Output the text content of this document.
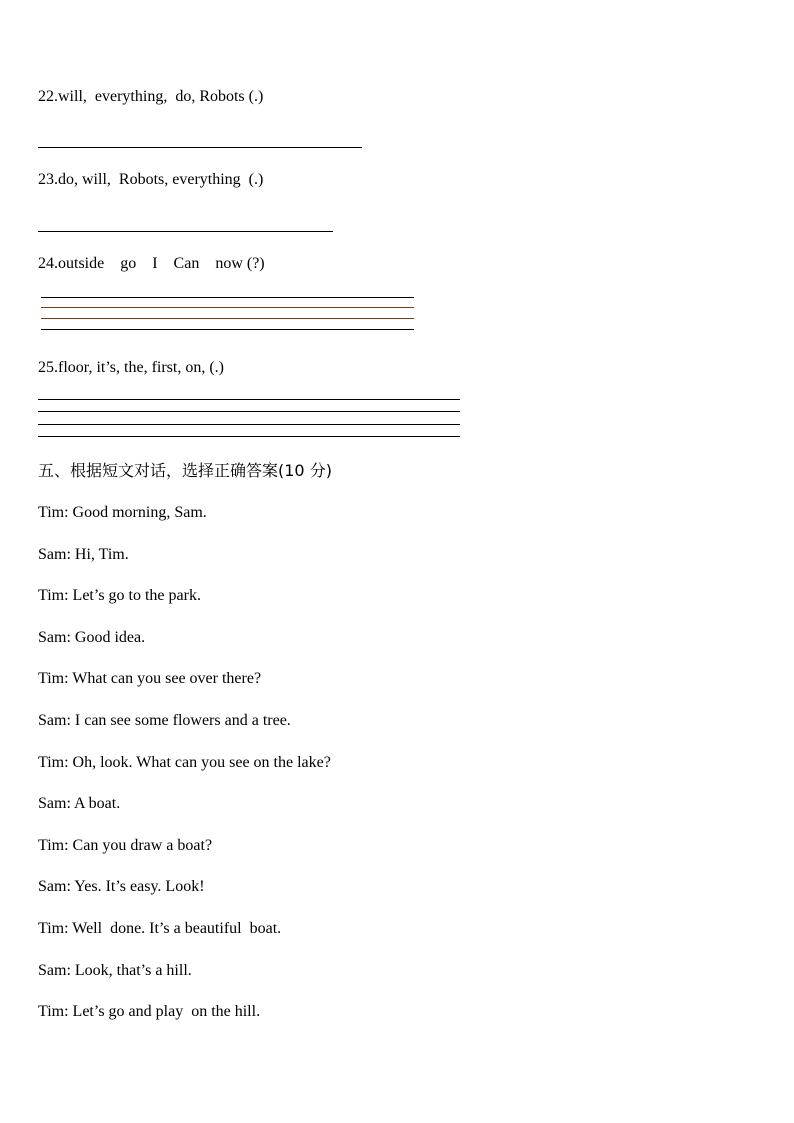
22.will,  everything,  do, Robots (.)
23.do, will,  Robots, everything  (.)
24.outside    go    I    Can    now (?)
25.floor, it’s, the, first, on, (.)
五、根据短文对话，选择正确答案(10 分)
Tim: Good morning, Sam.
Sam: Hi, Tim.
Tim: Let’s go to the park.
Sam: Good idea.
Tim: What can you see over there?
Sam: I can see some flowers and a tree.
Tim: Oh, look. What can you see on the lake?
Sam: A boat.
Tim: Can you draw a boat?
Sam: Yes. It’s easy. Look!
Tim: Well  done. It’s a beautiful  boat.
Sam: Look, that’s a hill.
Tim: Let’s go and play  on the hill.
